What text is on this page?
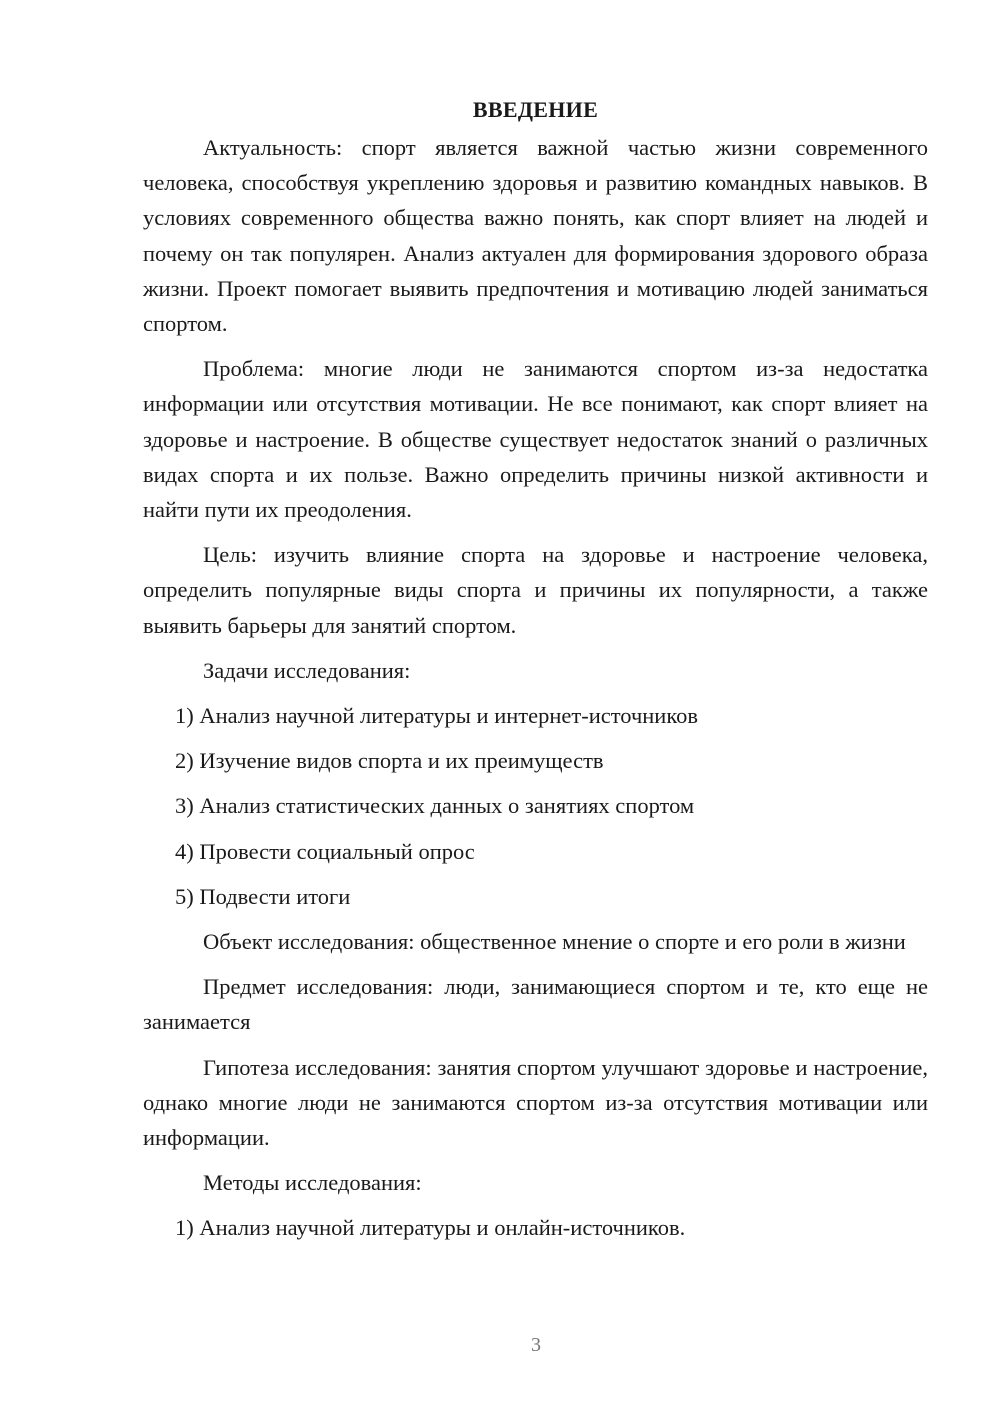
ВВЕДЕНИЕ

Актуальность: спорт является важной частью жизни современного человека, способствуя укреплению здоровья и развитию командных навыков. В условиях современного общества важно понять, как спорт влияет на людей и почему он так популярен. Анализ актуален для формирования здорового образа жизни. Проект помогает выявить предпочтения и мотивацию людей заниматься спортом.

Проблема: многие люди не занимаются спортом из-за недостатка информации или отсутствия мотивации. Не все понимают, как спорт влияет на здоровье и настроение. В обществе существует недостаток знаний о различных видах спорта и их пользе. Важно определить причины низкой активности и найти пути их преодоления.

Цель: изучить влияние спорта на здоровье и настроение человека, определить популярные виды спорта и причины их популярности, а также выявить барьеры для занятий спортом.

Задачи исследования:

1) Анализ научной литературы и интернет-источников

2) Изучение видов спорта и их преимуществ

3) Анализ статистических данных о занятиях спортом

4) Провести социальный опрос

5) Подвести итоги

Объект исследования: общественное мнение о спорте и его роли в жизни

Предмет исследования: люди, занимающиеся спортом и те, кто еще не занимается

Гипотеза исследования: занятия спортом улучшают здоровье и настроение, однако многие люди не занимаются спортом из-за отсутствия мотивации или информации.

Методы исследования:

1) Анализ научной литературы и онлайн-источников.

3
